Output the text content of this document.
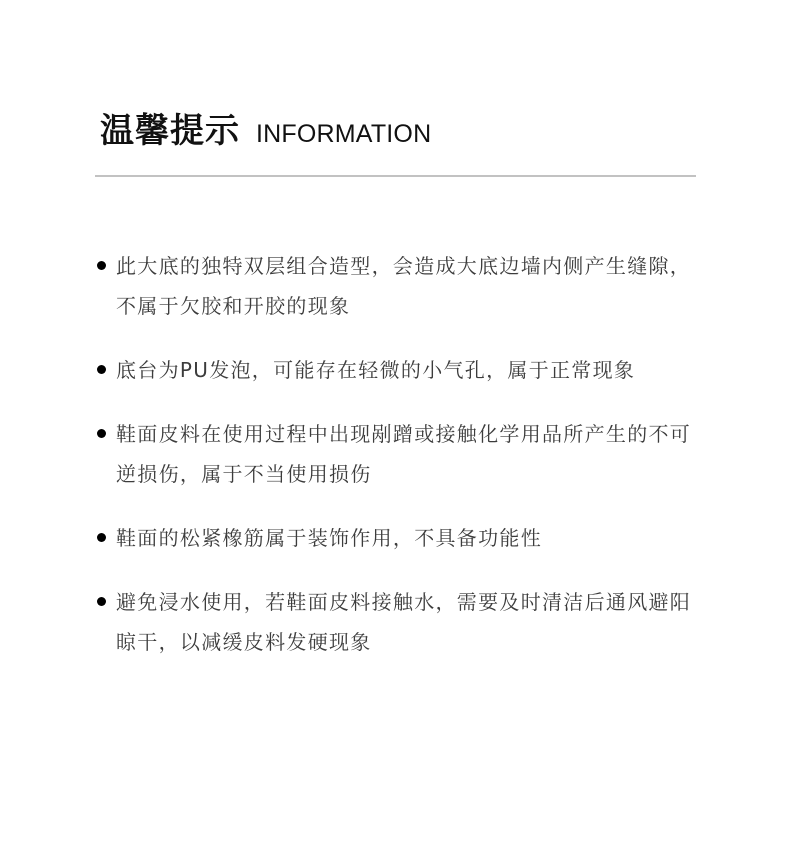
温馨提示 INFORMATION
此大底的独特双层组合造型，会造成大底边墙内侧产生缝隙，不属于欠胶和开胶的现象
底台为PU发泡，可能存在轻微的小气孔，属于正常现象
鞋面皮料在使用过程中出现剐蹭或接触化学用品所产生的不可逆损伤，属于不当使用损伤
鞋面的松紧橡筋属于装饰作用，不具备功能性
避免浸水使用，若鞋面皮料接触水，需要及时清洁后通风避阳晾干，以减缓皮料发硬现象
